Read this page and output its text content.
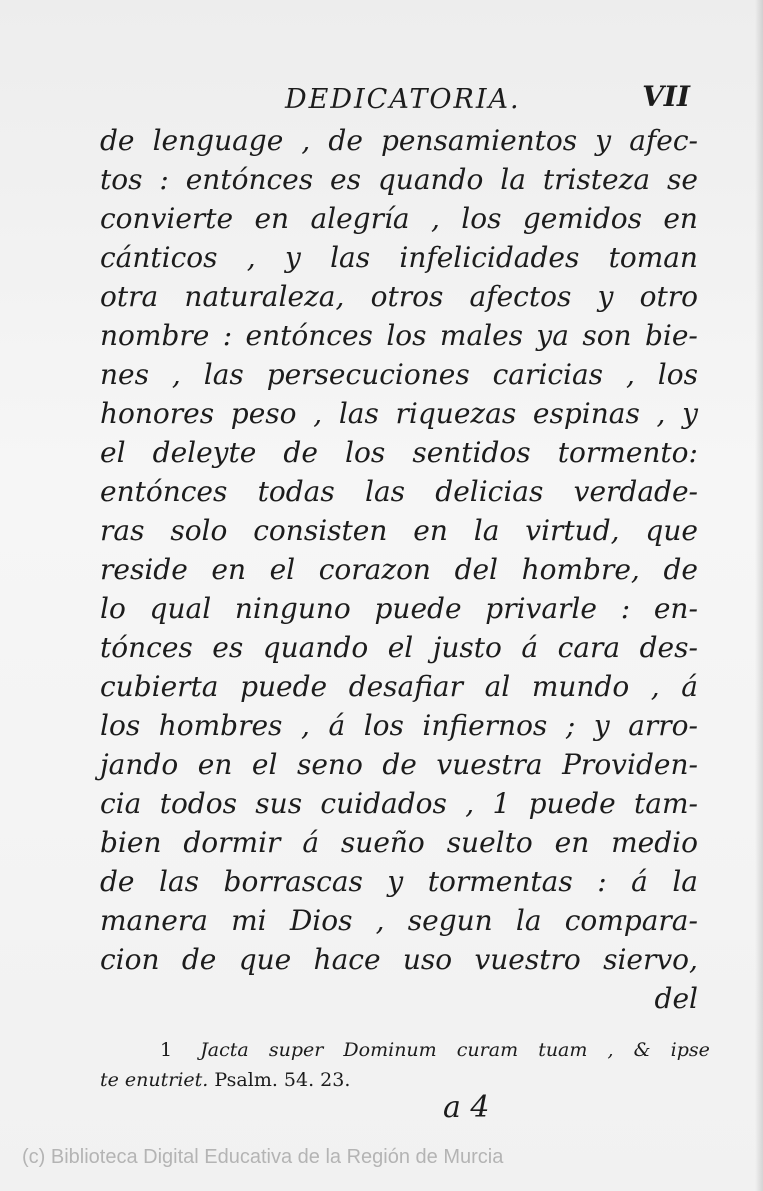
DEDICATORIA.	VII
de lenguage , de pensamientos y afec-
tos : entónces es quando la tristeza se
convierte en alegría , los gemidos en
cánticos , y las infelicidades toman
otra naturaleza, otros afectos y otro
nombre : entónces los males ya son bie-
nes , las persecuciones caricias , los
honores peso , las riquezas espinas , y
el deleyte de los sentidos tormento:
entónces todas las delicias verdade-
ras solo consisten en la virtud, que
reside en el corazon del hombre, de
lo qual ninguno puede privarle : en-
tónces es quando el justo á cara des-
cubierta puede desafiar al mundo , á
los hombres , á los infiernos ; y arro-
jando en el seno de vuestra Providen-
cia todos sus cuidados , 1 puede tam-
bien dormir á sueño suelto en medio
de las borrascas y tormentas : á la
manera mi Dios , segun la compara-
cion de que hace uso vuestro siervo,
del
1 Jacta super Dominum curam tuam , & ipse
te enutriet. Psalm. 54. 23.
a 4
(c) Biblioteca Digital Educativa de la Región de Murcia
